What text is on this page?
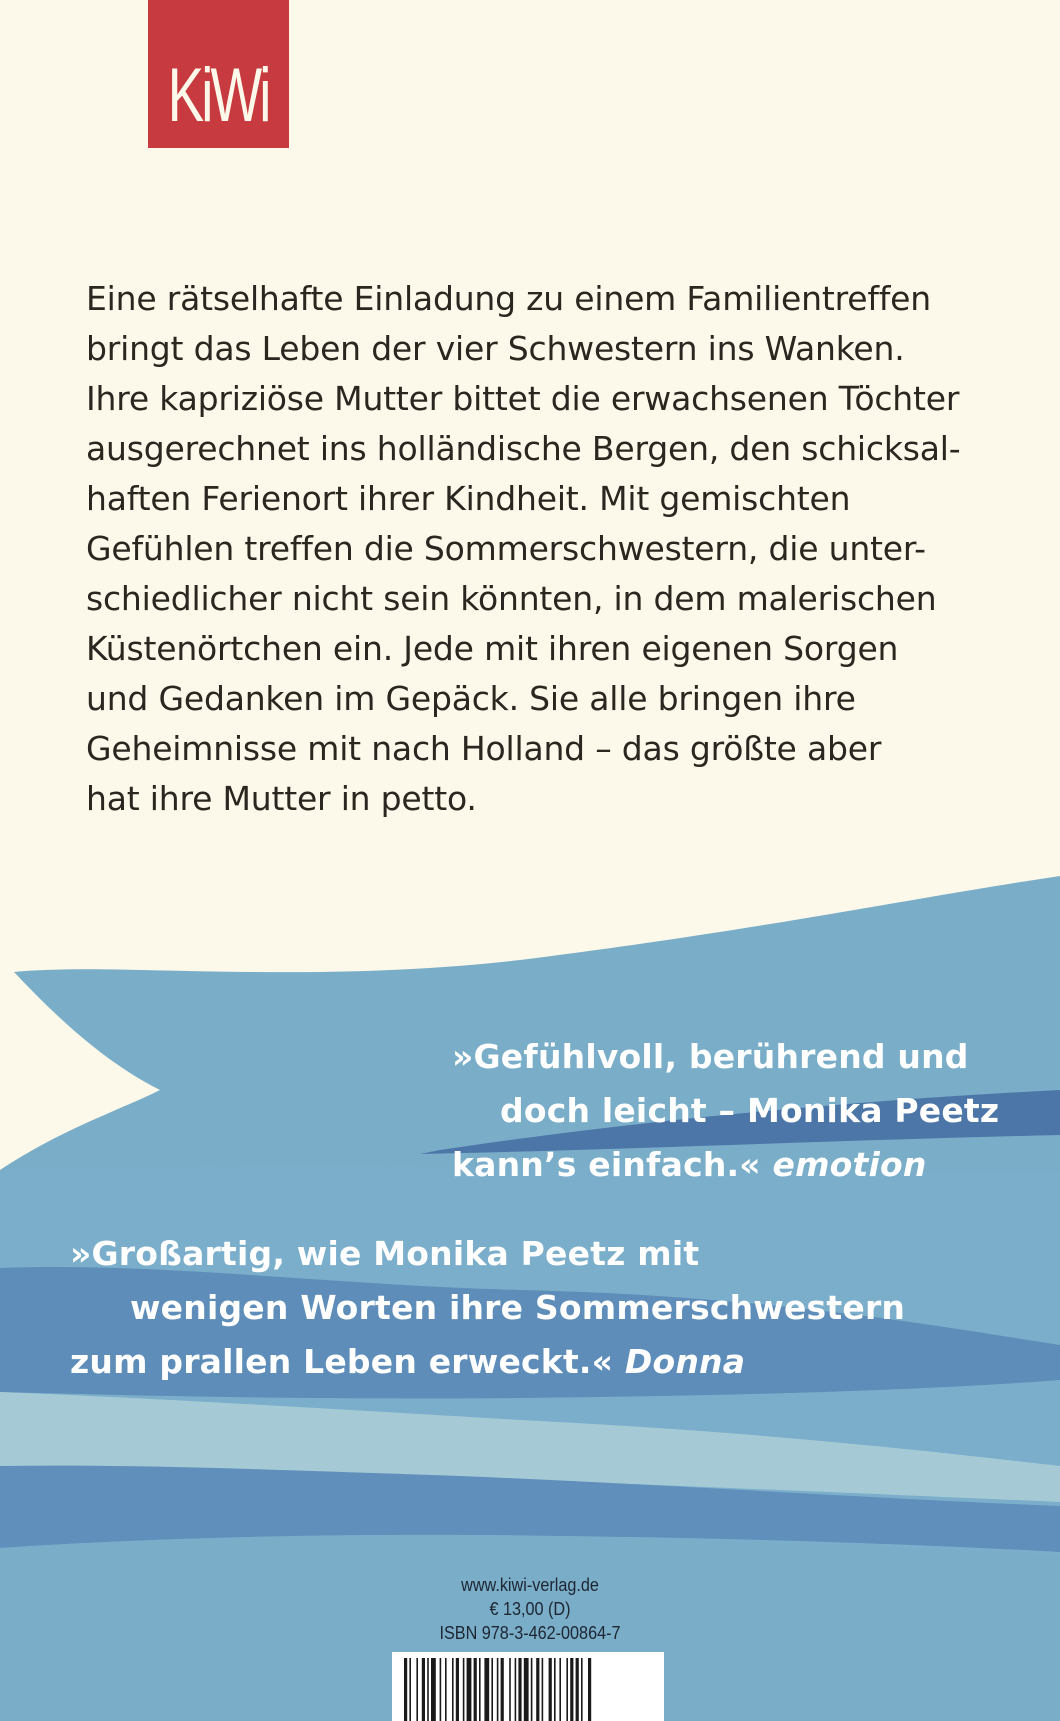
KiWi
Eine rätselhafte Einladung zu einem Familientreffen
bringt das Leben der vier Schwestern ins Wanken.
Ihre kapriziöse Mutter bittet die erwachsenen Töchter
ausgerechnet ins holländische Bergen, den schicksal-
haften Ferienort ihrer Kindheit. Mit gemischten
Gefühlen treffen die Sommerschwestern, die unter-
schiedlicher nicht sein könnten, in dem malerischen
Küstenörtchen ein. Jede mit ihren eigenen Sorgen
und Gedanken im Gepäck. Sie alle bringen ihre
Geheimnisse mit nach Holland – das größte aber
hat ihre Mutter in petto.
»Gefühlvoll, berührend und
doch leicht – Monika Peetz
kann’s einfach.« emotion
»Großartig, wie Monika Peetz mit
wenigen Worten ihre Sommerschwestern
zum prallen Leben erweckt.« Donna
www.kiwi-verlag.de
€ 13,00 (D)
ISBN 978-3-462-00864-7
